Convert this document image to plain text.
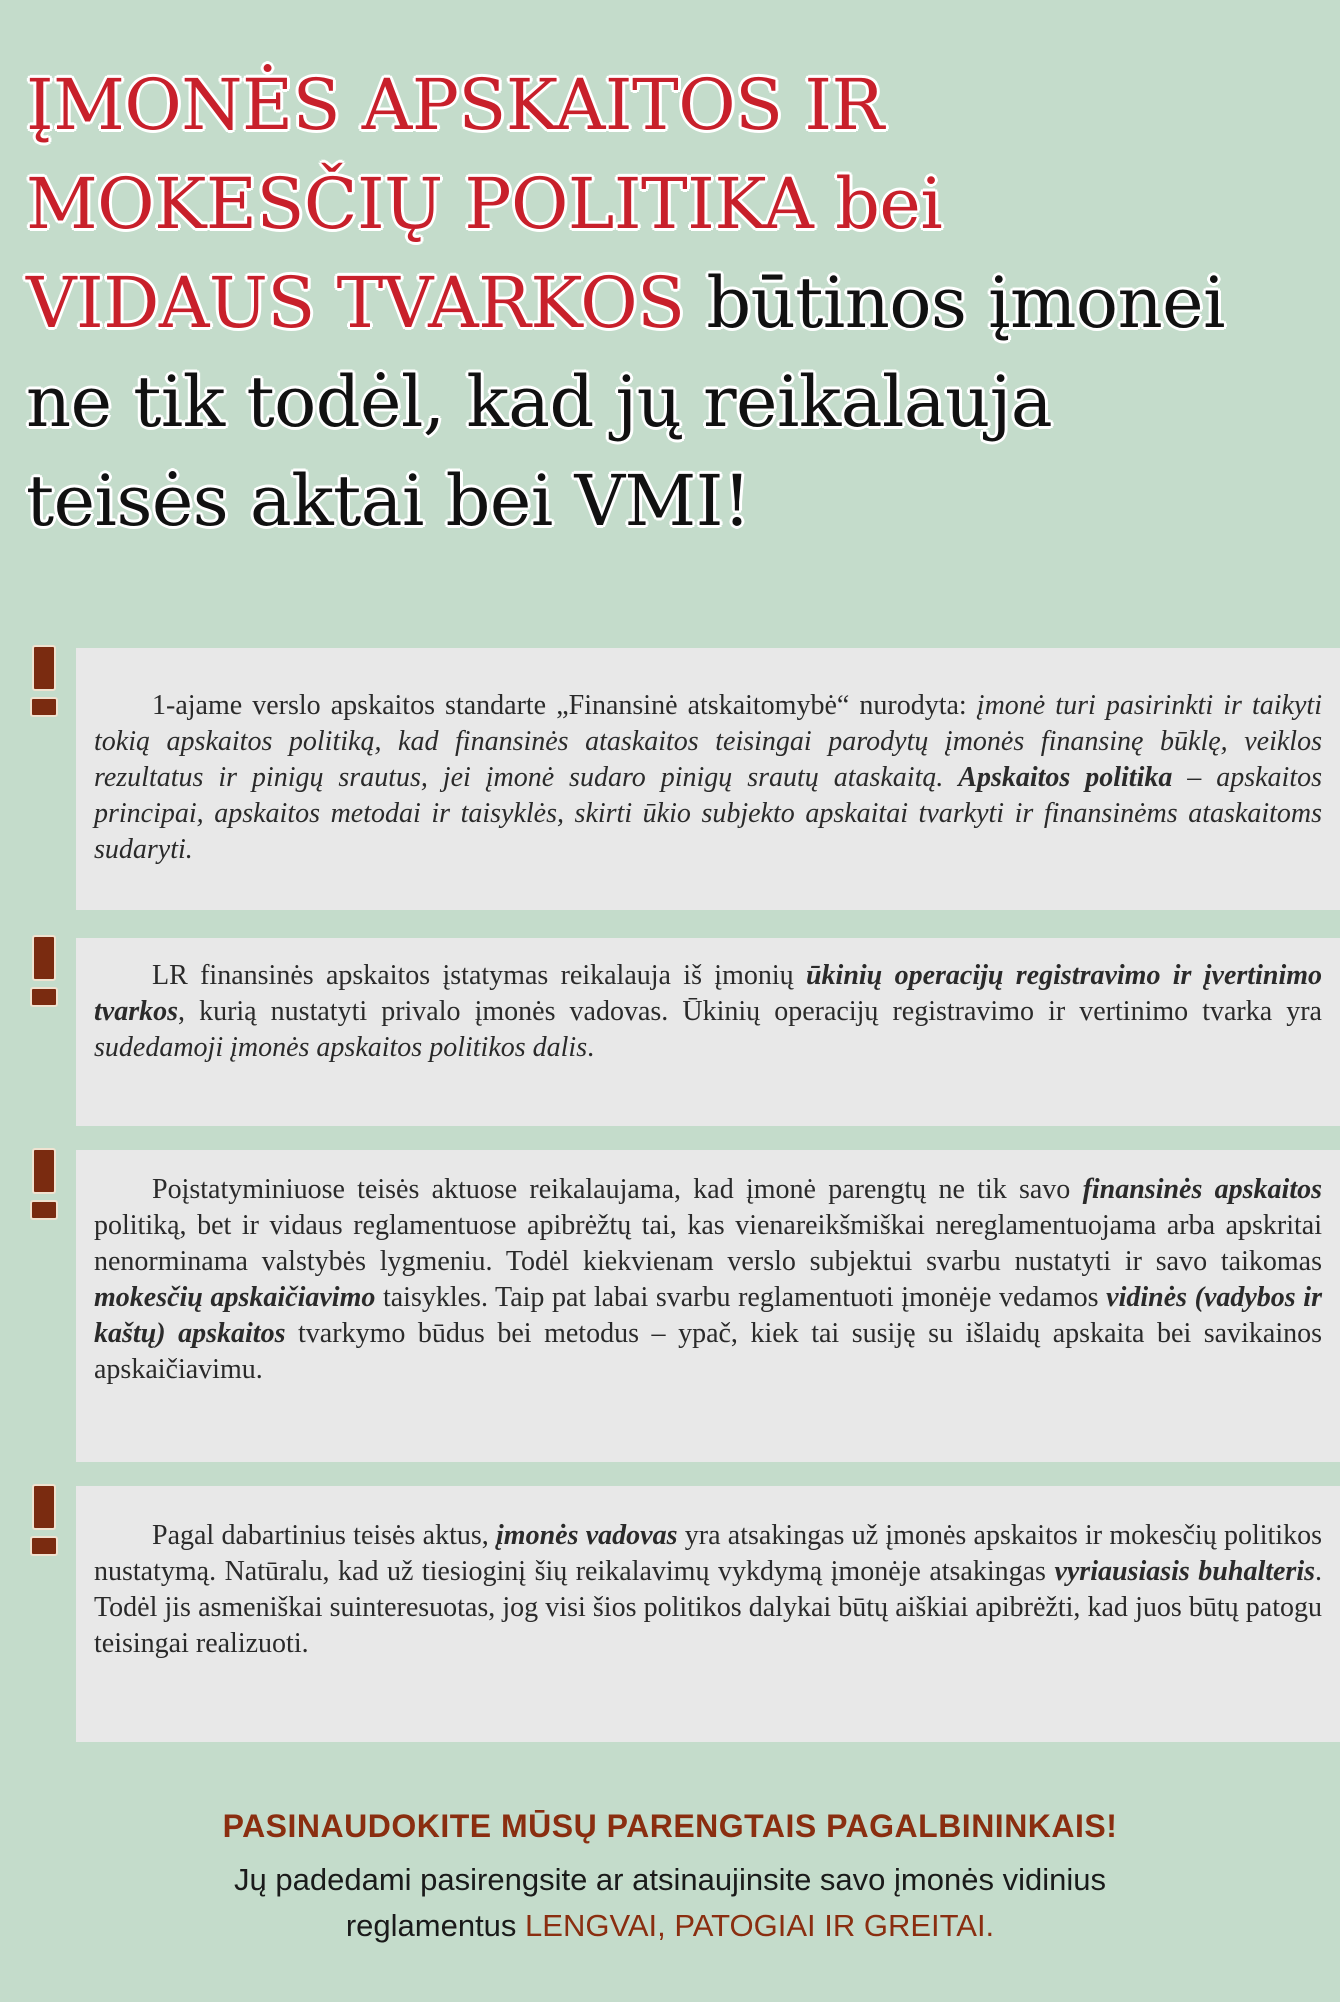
ĮMONĖS APSKAITOS IR
MOKESČIŲ POLITIKA bei
VIDAUS TVARKOS būtinos įmonei
ne tik todėl, kad jų reikalauja
teisės aktai bei VMI!

1-ajame verslo apskaitos standarte „Finansinė atskaitomybė“ nurodyta: įmonė turi pasirinkti ir taikyti tokią apskaitos politiką, kad finansinės ataskaitos teisingai parodytų įmonės finansinę būklę, veiklos rezultatus ir pinigų srautus, jei įmonė sudaro pinigų srautų ataskaitą. Apskaitos politika – apskaitos principai, apskaitos metodai ir taisyklės, skirti ūkio subjekto apskaitai tvarkyti ir finansinėms ataskaitoms sudaryti.

LR finansinės apskaitos įstatymas reikalauja iš įmonių ūkinių operacijų registravimo ir įvertinimo tvarkos, kurią nustatyti privalo įmonės vadovas. Ūkinių operacijų registravimo ir vertinimo tvarka yra sudedamoji įmonės apskaitos politikos dalis.

Poįstatyminiuose teisės aktuose reikalaujama, kad įmonė parengtų ne tik savo finansinės apskaitos politiką, bet ir vidaus reglamentuose apibrėžtų tai, kas vienareikšmiškai nereglamentuojama arba apskritai nenorminama valstybės lygmeniu. Todėl kiekvienam verslo subjektui svarbu nustatyti ir savo taikomas mokesčių apskaičiavimo taisykles. Taip pat labai svarbu reglamentuoti įmonėje vedamos vidinės (vadybos ir kaštų) apskaitos tvarkymo būdus bei metodus – ypač, kiek tai susiję su išlaidų apskaita bei savikainos apskaičiavimu.

Pagal dabartinius teisės aktus, įmonės vadovas yra atsakingas už įmonės apskaitos ir mokesčių politikos nustatymą. Natūralu, kad už tiesioginį šių reikalavimų vykdymą įmonėje atsakingas vyriausiasis buhalteris. Todėl jis asmeniškai suinteresuotas, jog visi šios politikos dalykai būtų aiškiai apibrėžti, kad juos būtų patogu teisingai realizuoti.

PASINAUDOKITE MŪSŲ PARENGTAIS PAGALBININKAIS!
Jų padedami pasirengsite ar atsinaujinsite savo įmonės vidinius
reglamentus LENGVAI, PATOGIAI IR GREITAI.
